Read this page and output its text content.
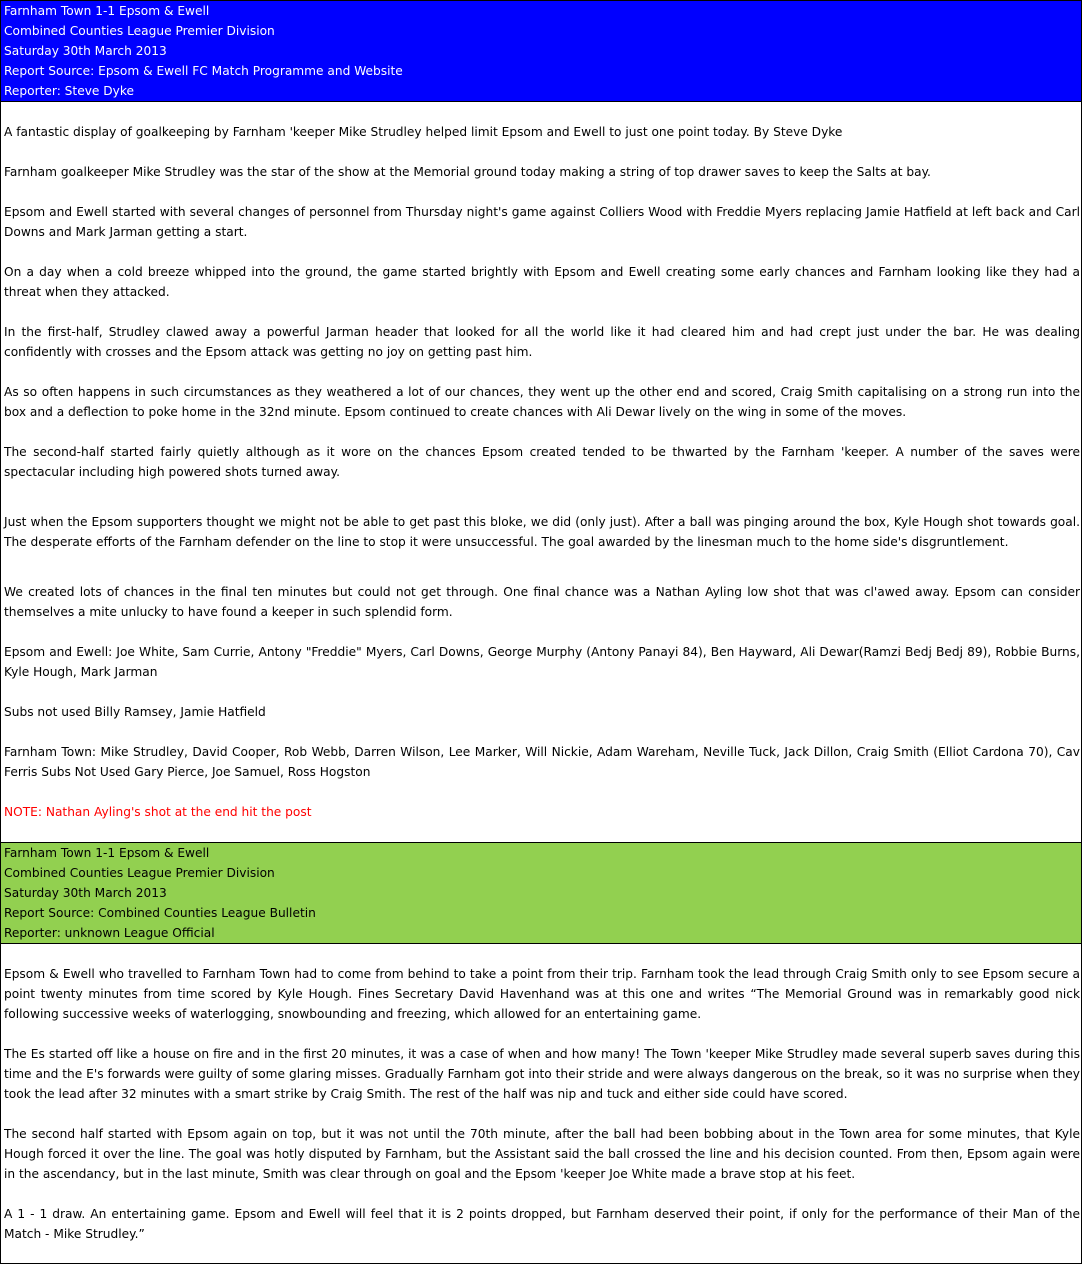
Farnham Town 1-1 Epsom & Ewell
Combined Counties League Premier Division
Saturday 30th March 2013
Report Source: Epsom & Ewell FC Match Programme and Website
Reporter: Steve Dyke

A fantastic display of goalkeeping by Farnham 'keeper Mike Strudley helped limit Epsom and Ewell to just one point today. By Steve Dyke

Farnham goalkeeper Mike Strudley was the star of the show at the Memorial ground today making a string of top drawer saves to keep the Salts at bay.

Epsom and Ewell started with several changes of personnel from Thursday night's game against Colliers Wood with Freddie Myers replacing Jamie Hatfield at left back and Carl Downs and Mark Jarman getting a start.

On a day when a cold breeze whipped into the ground, the game started brightly with Epsom and Ewell creating some early chances and Farnham looking like they had a threat when they attacked.

In the first-half, Strudley clawed away a powerful Jarman header that looked for all the world like it had cleared him and had crept just under the bar. He was dealing confidently with crosses and the Epsom attack was getting no joy on getting past him.

As so often happens in such circumstances as they weathered a lot of our chances, they went up the other end and scored, Craig Smith capitalising on a strong run into the box and a deflection to poke home in the 32nd minute. Epsom continued to create chances with Ali Dewar lively on the wing in some of the moves.

The second-half started fairly quietly although as it wore on the chances Epsom created tended to be thwarted by the Farnham 'keeper. A number of the saves were spectacular including high powered shots turned away.

Just when the Epsom supporters thought we might not be able to get past this bloke, we did (only just). After a ball was pinging around the box, Kyle Hough shot towards goal. The desperate efforts of the Farnham defender on the line to stop it were unsuccessful. The goal awarded by the linesman much to the home side's disgruntlement.

We created lots of chances in the final ten minutes but could not get through. One final chance was a Nathan Ayling low shot that was cl'awed away. Epsom can consider themselves a mite unlucky to have found a keeper in such splendid form.

Epsom and Ewell: Joe White, Sam Currie, Antony "Freddie" Myers, Carl Downs, George Murphy (Antony Panayi 84), Ben Hayward, Ali Dewar(Ramzi Bedj Bedj 89), Robbie Burns, Kyle Hough, Mark Jarman

Subs not used Billy Ramsey, Jamie Hatfield

Farnham Town: Mike Strudley, David Cooper, Rob Webb, Darren Wilson, Lee Marker, Will Nickie, Adam Wareham, Neville Tuck, Jack Dillon, Craig Smith (Elliot Cardona 70), Cav Ferris Subs Not Used Gary Pierce, Joe Samuel, Ross Hogston

NOTE: Nathan Ayling's shot at the end hit the post

Farnham Town 1-1 Epsom & Ewell
Combined Counties League Premier Division
Saturday 30th March 2013
Report Source: Combined Counties League Bulletin
Reporter: unknown League Official

Epsom & Ewell who travelled to Farnham Town had to come from behind to take a point from their trip. Farnham took the lead through Craig Smith only to see Epsom secure a point twenty minutes from time scored by Kyle Hough. Fines Secretary David Havenhand was at this one and writes “The Memorial Ground was in remarkably good nick following successive weeks of waterlogging, snowbounding and freezing, which allowed for an entertaining game.

The Es started off like a house on fire and in the first 20 minutes, it was a case of when and how many! The Town 'keeper Mike Strudley made several superb saves during this time and the E's forwards were guilty of some glaring misses. Gradually Farnham got into their stride and were always dangerous on the break, so it was no surprise when they took the lead after 32 minutes with a smart strike by Craig Smith. The rest of the half was nip and tuck and either side could have scored.

The second half started with Epsom again on top, but it was not until the 70th minute, after the ball had been bobbing about in the Town area for some minutes, that Kyle Hough forced it over the line. The goal was hotly disputed by Farnham, but the Assistant said the ball crossed the line and his decision counted. From then, Epsom again were in the ascendancy, but in the last minute, Smith was clear through on goal and the Epsom 'keeper Joe White made a brave stop at his feet.

A 1 - 1 draw. An entertaining game. Epsom and Ewell will feel that it is 2 points dropped, but Farnham deserved their point, if only for the performance of their Man of the Match - Mike Strudley.”
